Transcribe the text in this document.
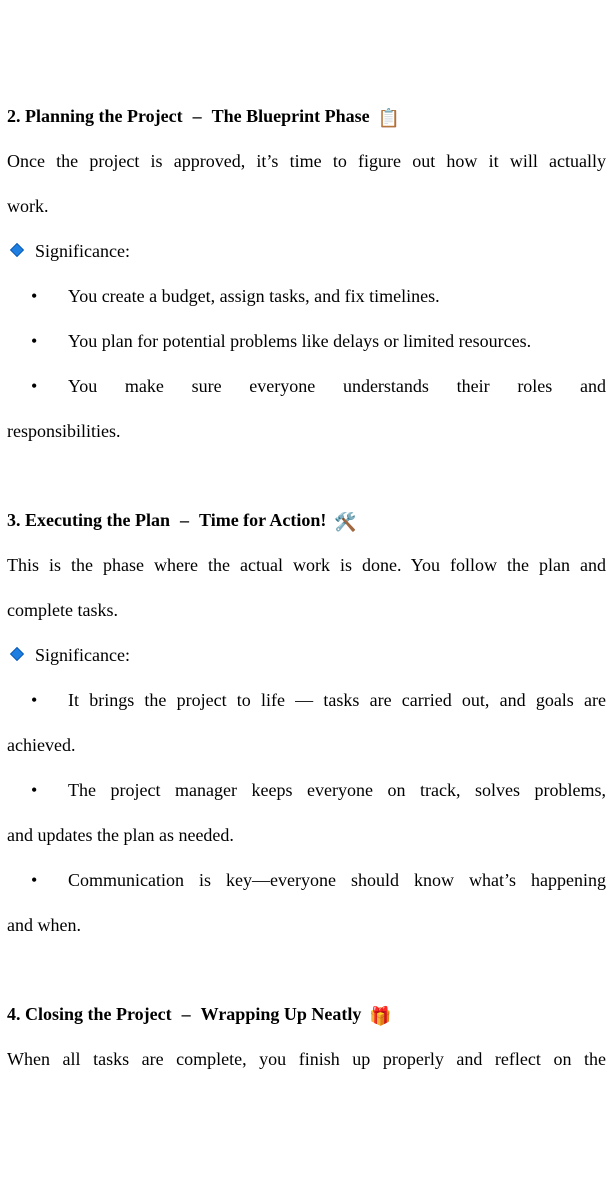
2. Planning the Project – The Blueprint Phase 📋
Once the project is approved, it’s time to figure out how it will actually
work.
Significance:
• You create a budget, assign tasks, and fix timelines.
• You plan for potential problems like delays or limited resources.
• You make sure everyone understands their roles and
responsibilities.
3. Executing the Plan – Time for Action! 🛠️
This is the phase where the actual work is done. You follow the plan and
complete tasks.
Significance:
• It brings the project to life — tasks are carried out, and goals are
achieved.
• The project manager keeps everyone on track, solves problems,
and updates the plan as needed.
• Communication is key—everyone should know what’s happening
and when.
4. Closing the Project – Wrapping Up Neatly 🎁
When all tasks are complete, you finish up properly and reflect on the
